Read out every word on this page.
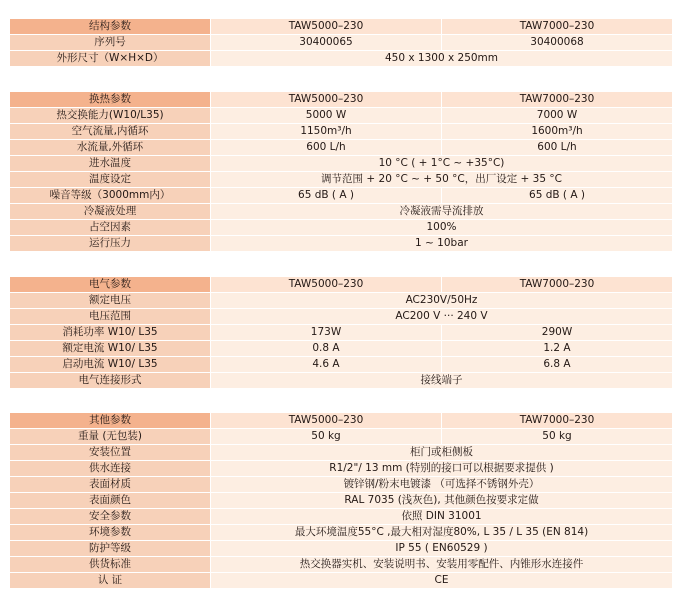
结构参数	TAW5000–230	TAW7000–230
序列号	30400065	30400068
外形尺寸（W×H×D）	450 x 1300 x 250mm
换热参数	TAW5000–230	TAW7000–230
热交换能力(W10/L35)	5000 W	7000 W
空气流量,内循环	1150m³/h	1600m³/h
水流量,外循环	600 L/h	600 L/h
进水温度	10 °C ( + 1°C ~ +35°C)
温度设定	调节范围 + 20 °C ~ + 50 °C，出厂设定 + 35 °C
噪音等级（3000mm内）	65 dB ( A )	65 dB ( A )
冷凝液处理	冷凝液需导流排放
占空因素	100%
运行压力	1 ~ 10bar
电气参数	TAW5000–230	TAW7000–230
额定电压	AC230V/50Hz
电压范围	AC200 V ··· 240 V
消耗功率 W10/ L35	173W	290W
额定电流 W10/ L35	0.8 A	1.2 A
启动电流 W10/ L35	4.6 A	6.8 A
电气连接形式	接线端子
其他参数	TAW5000–230	TAW7000–230
重量 (无包装)	50 kg	50 kg
安装位置	柜门或柜侧板
供水连接	R1/2"/ 13 mm (特别的接口可以根据要求提供 )
表面材质	镀锌钢/粉末电镀漆 （可选择不锈钢外壳）
表面颜色	RAL 7035 (浅灰色), 其他颜色按要求定做
安全参数	依照 DIN 31001
环境参数	最大环境温度55°C ,最大相对湿度80%, L 35 / L 35 (EN 814)
防护等级	IP 55 ( EN60529 )
供货标准	热交换器实机、安装说明书、安装用零配件、内锥形水连接件
认 证	CE
